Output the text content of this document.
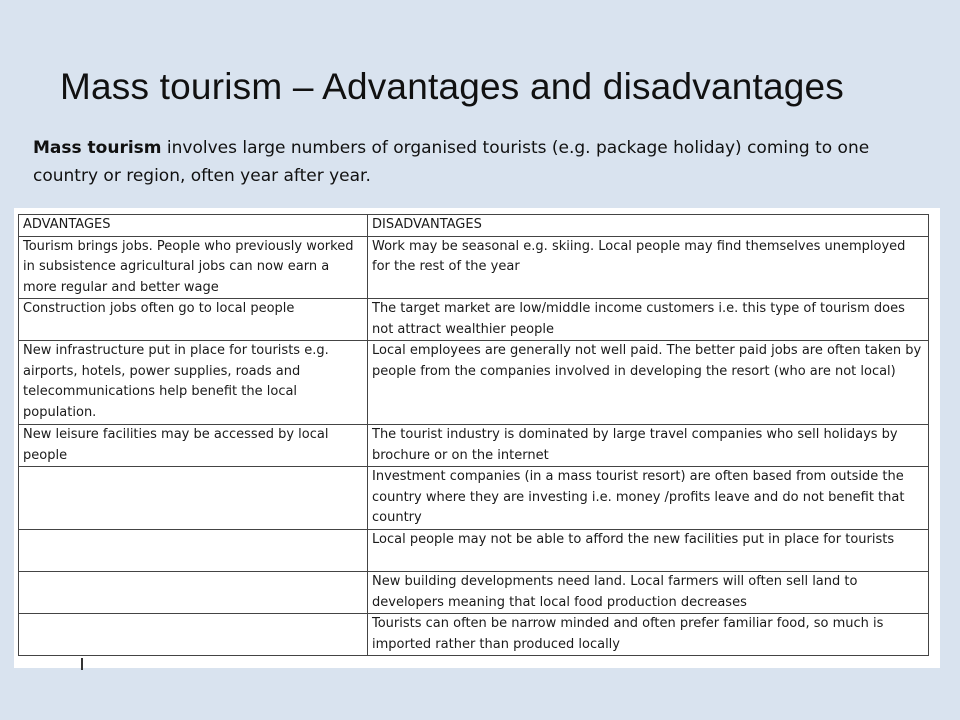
Mass tourism – Advantages and disadvantages
Mass tourism involves large numbers of organised tourists (e.g. package holiday) coming to one country or region, often year after year.
ADVANTAGES	DISADVANTAGES
Tourism brings jobs. People who previously worked in subsistence agricultural jobs can now earn a more regular and better wage	Work may be seasonal e.g. skiing. Local people may find themselves unemployed for the rest of the year
Construction jobs often go to local people	The target market are low/middle income customers i.e. this type of tourism does not attract wealthier people
New infrastructure put in place for tourists e.g. airports, hotels, power supplies, roads and telecommunications help benefit the local population.	Local employees are generally not well paid. The better paid jobs are often taken by people from the companies involved in developing the resort (who are not local)
New leisure facilities may be accessed by local people	The tourist industry is dominated by large travel companies who sell holidays by brochure or on the internet
	Investment companies (in a mass tourist resort) are often based from outside the country where they are investing i.e. money /profits leave and do not benefit that country
	Local people may not be able to afford the new facilities put in place for tourists
	New building developments need land. Local farmers will often sell land to developers meaning that local food production decreases
	Tourists can often be narrow minded and often prefer familiar food, so much is imported rather than produced locally
